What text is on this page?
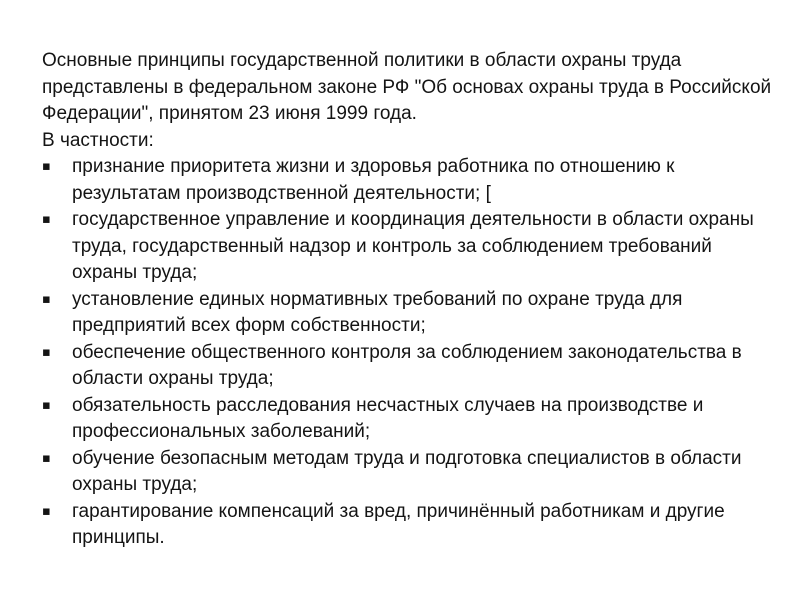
Основные принципы государственной политики в области охраны труда представлены в федеральном законе РФ "Об основах охраны труда в Российской Федерации", принятом 23 июня 1999 года.

В частности:

▪	признание приоритета жизни и здоровья работника по отношению к результатам производственной деятельности; [
▪	государственное управление и координация деятельности в области охраны труда, государственный надзор и контроль за соблюдением требований охраны труда;
▪	установление единых нормативных требований по охране труда для предприятий всех форм собственности;
▪	обеспечение общественного контроля за соблюдением законодательства в области охраны труда;
▪	обязательность расследования несчастных случаев на производстве и профессиональных заболеваний;
▪	обучение безопасным методам труда и подготовка специалистов в области охраны труда;
▪	гарантирование компенсаций за вред, причинённый работникам и другие принципы.
